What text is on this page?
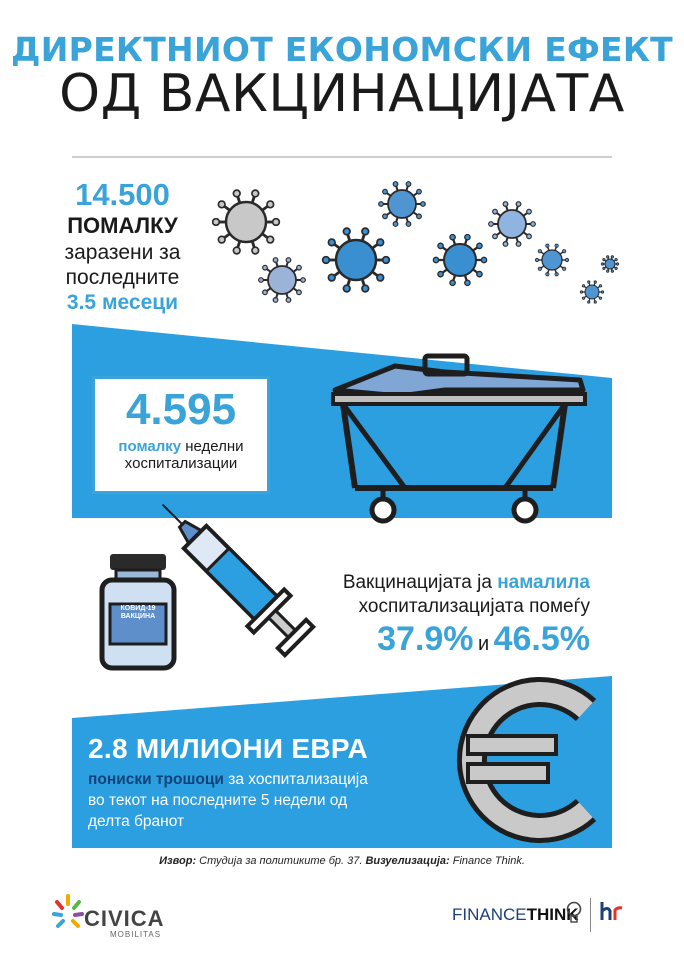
ДИРЕКТНИОТ ЕКОНОМСКИ ЕФЕКТ
ОД ВАКЦИНАЦИЈАТА
14.500
ПОМАЛКУ
заразени за
последните
3.5 месеци
4.595
помалку неделни
хоспитализации
КОВИД-19 ВАКЦИНА
Вакцинацијата ја намалила
хоспитализацијата помеѓу
37.9% и 46.5%
2.8 МИЛИОНИ ЕВРА
пониски трошоци за хоспитализација
во текот на последните 5 недели од
делта бранот
Извор: Студија за политиките бр. 37. Визуелизација: Finance Think.
CIVICA
MOBILITAS
FINANCETHINK
